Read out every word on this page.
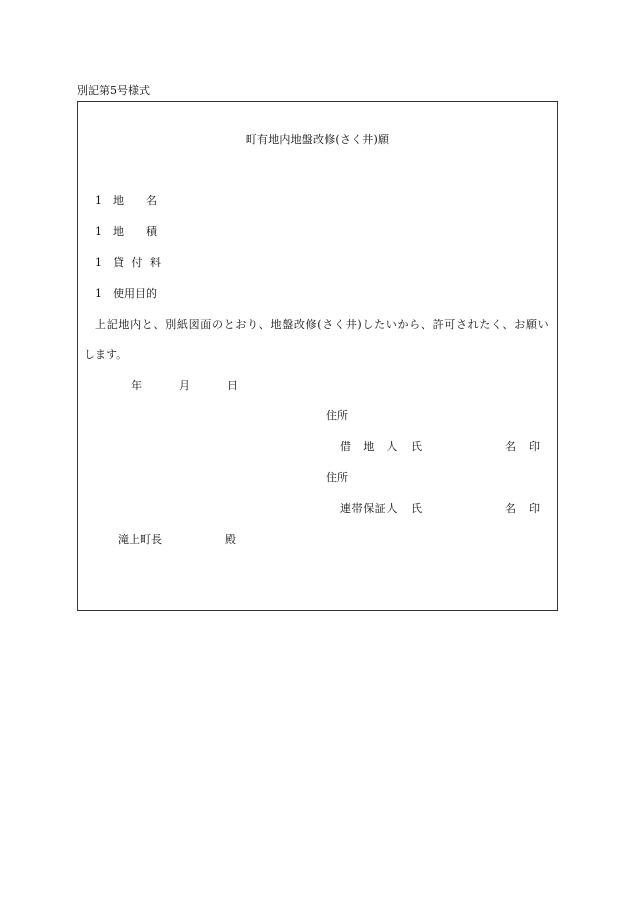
別記第5号様式
町有地内地盤改修(さく井)願
1 地　　名
1 地　　積
1 貸 付 料
1 使用目的
上記地内と、別紙図面のとおり、地盤改修(さく井)したいから、許可されたく、お願い
します。
年	月	日
住所
借　地　人 氏	名 印
住所
連帯保証人 氏	名 印
滝上町長	殿
